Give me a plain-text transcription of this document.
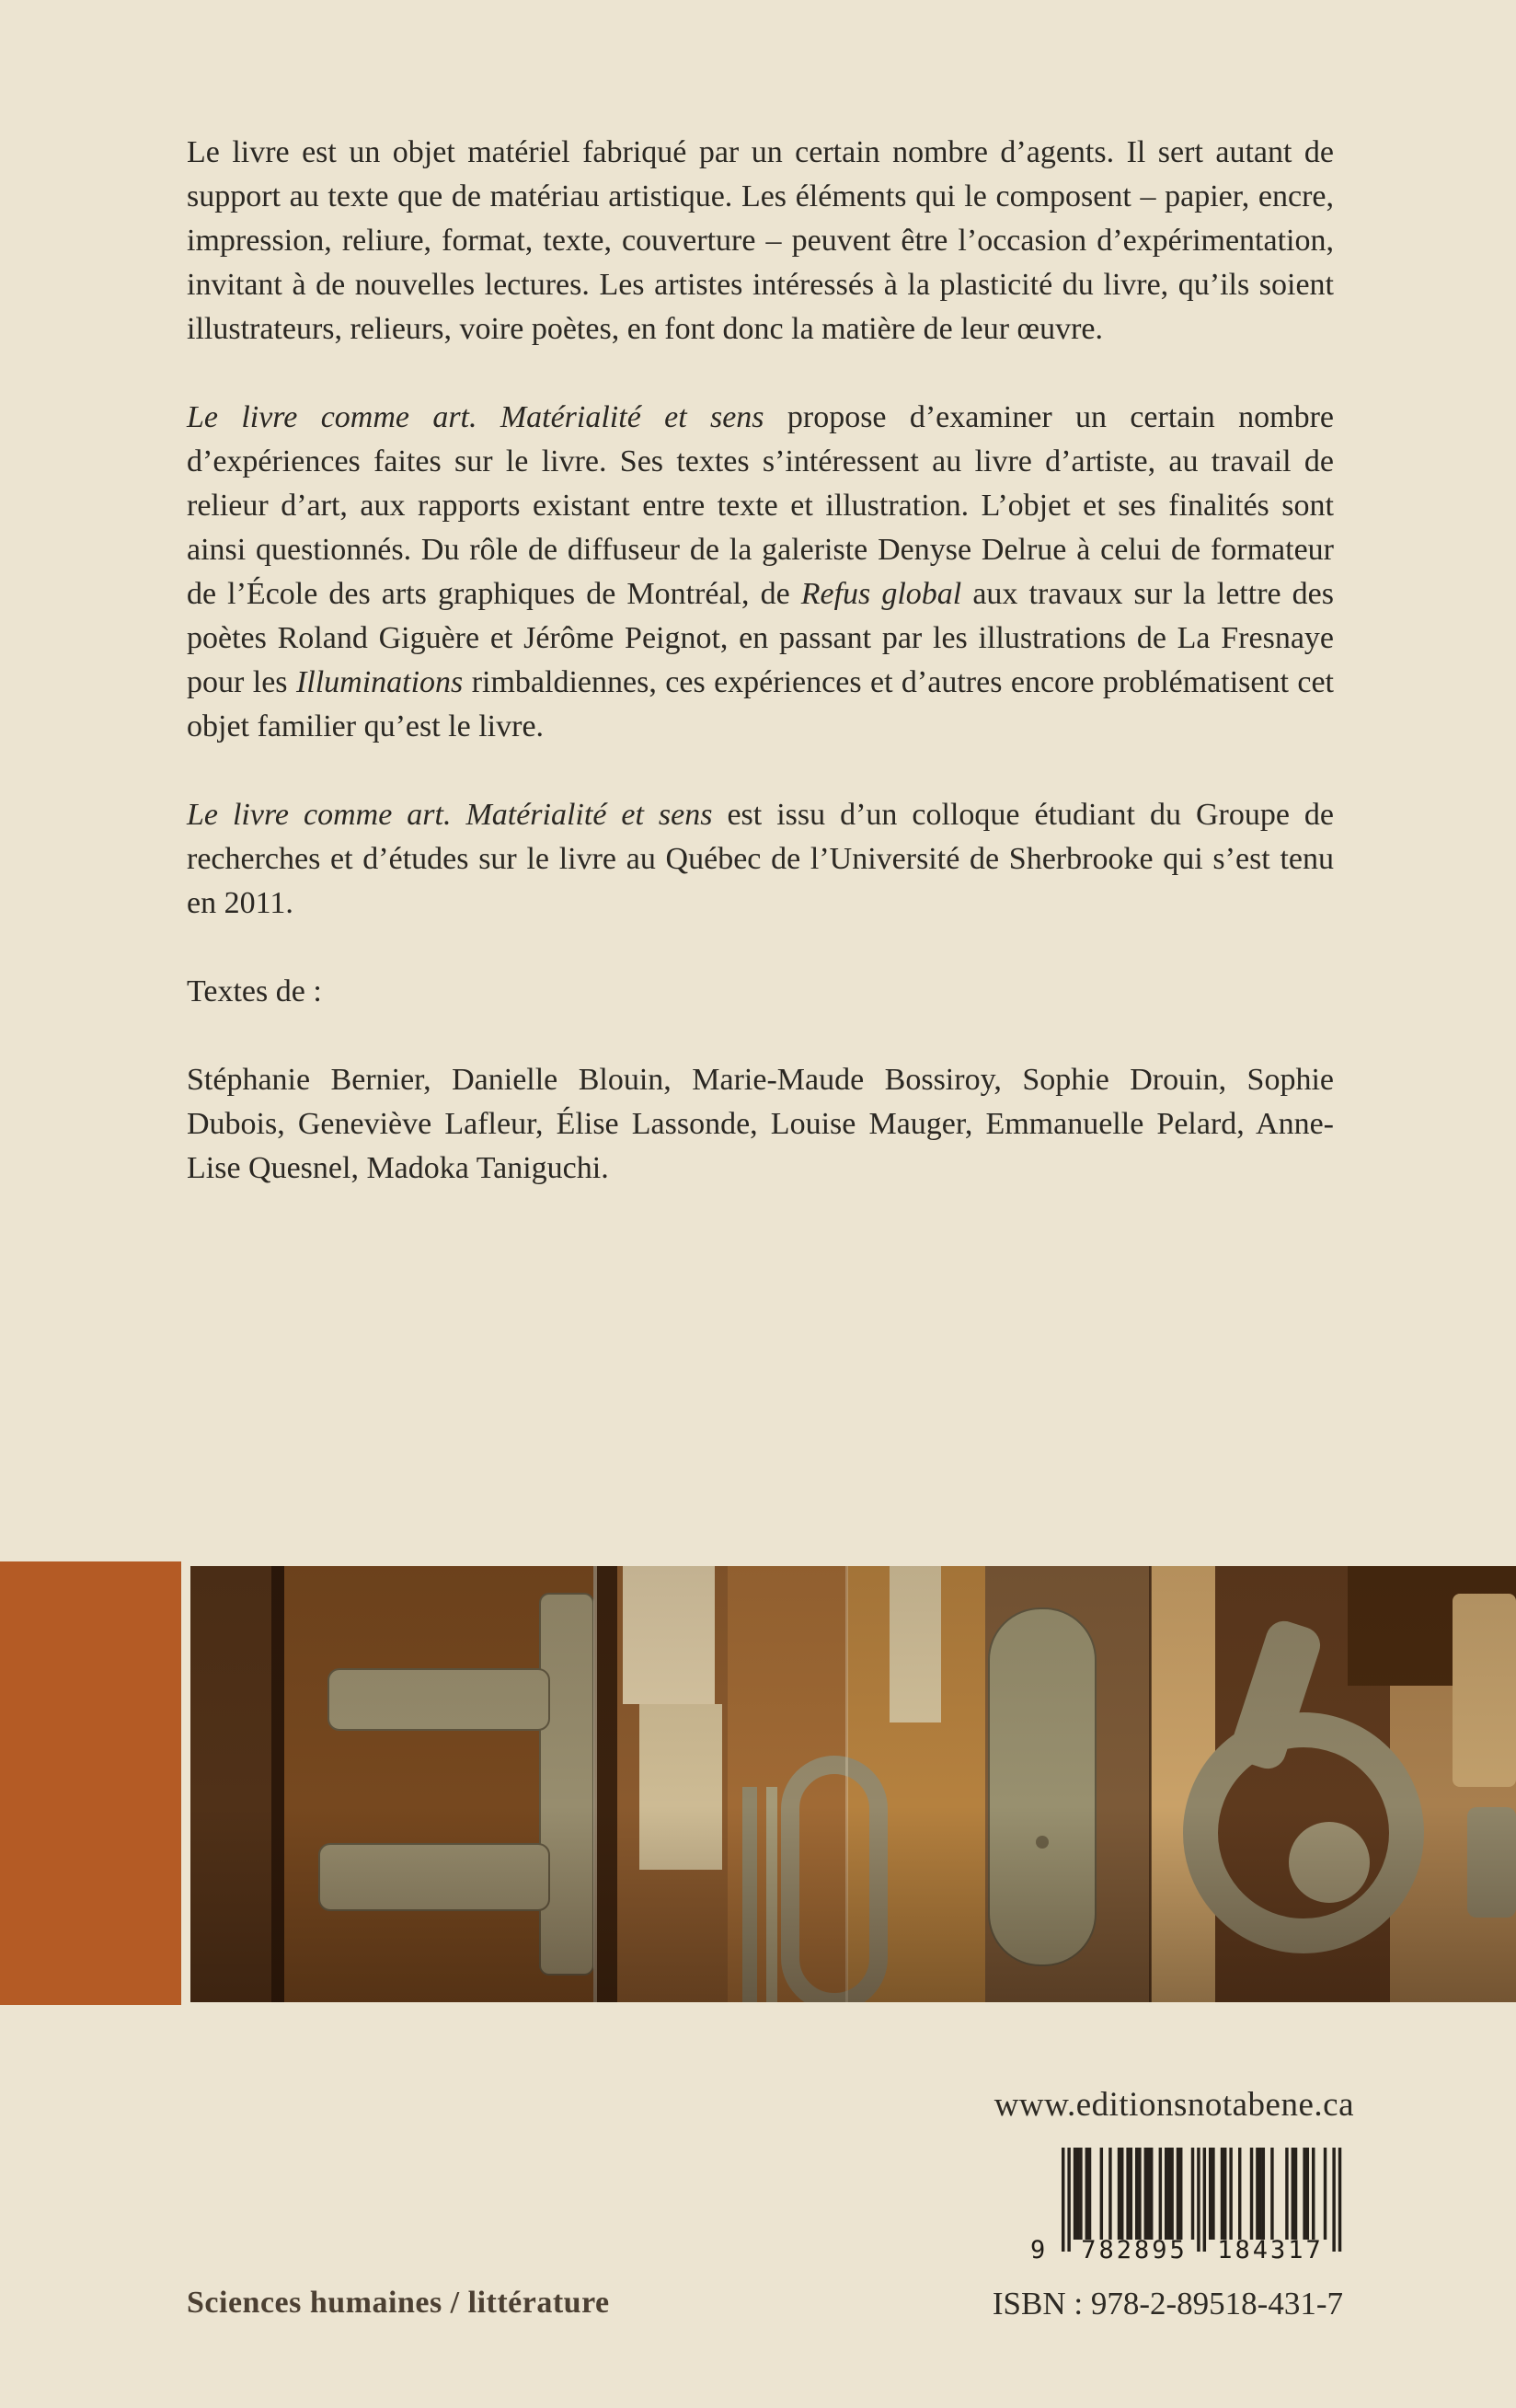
Le livre est un objet matériel fabriqué par un certain nombre d’agents. Il sert autant de support au texte que de matériau artistique. Les éléments qui le composent – papier, encre, impression, reliure, format, texte, couverture – peuvent être l’occasion d’expérimentation, invitant à de nouvelles lectures. Les artistes intéressés à la plasticité du livre, qu’ils soient illustrateurs, relieurs, voire poètes, en font donc la matière de leur œuvre.

Le livre comme art. Matérialité et sens propose d’examiner un certain nombre d’expériences faites sur le livre. Ses textes s’intéressent au livre d’artiste, au travail de relieur d’art, aux rapports existant entre texte et illustration. L’objet et ses finalités sont ainsi questionnés. Du rôle de diffuseur de la galeriste Denyse Delrue à celui de formateur de l’École des arts graphiques de Montréal, de Refus global aux travaux sur la lettre des poètes Roland Giguère et Jérôme Peignot, en passant par les illustrations de La Fresnaye pour les Illuminations rimbaldiennes, ces expériences et d’autres encore problématisent cet objet familier qu’est le livre.

Le livre comme art. Matérialité et sens est issu d’un colloque étudiant du Groupe de recherches et d’études sur le livre au Québec de l’Université de Sherbrooke qui s’est tenu en 2011.

Textes de :

Stéphanie Bernier, Danielle Blouin, Marie-Maude Bossiroy, Sophie Drouin, Sophie Dubois, Geneviève Lafleur, Élise Lassonde, Louise Mauger, Emmanuelle Pelard, Anne-Lise Quesnel, Madoka Taniguchi.

www.editionsnotabene.ca
9	782895	184317
Sciences humaines / littérature	ISBN : 978-2-89518-431-7
